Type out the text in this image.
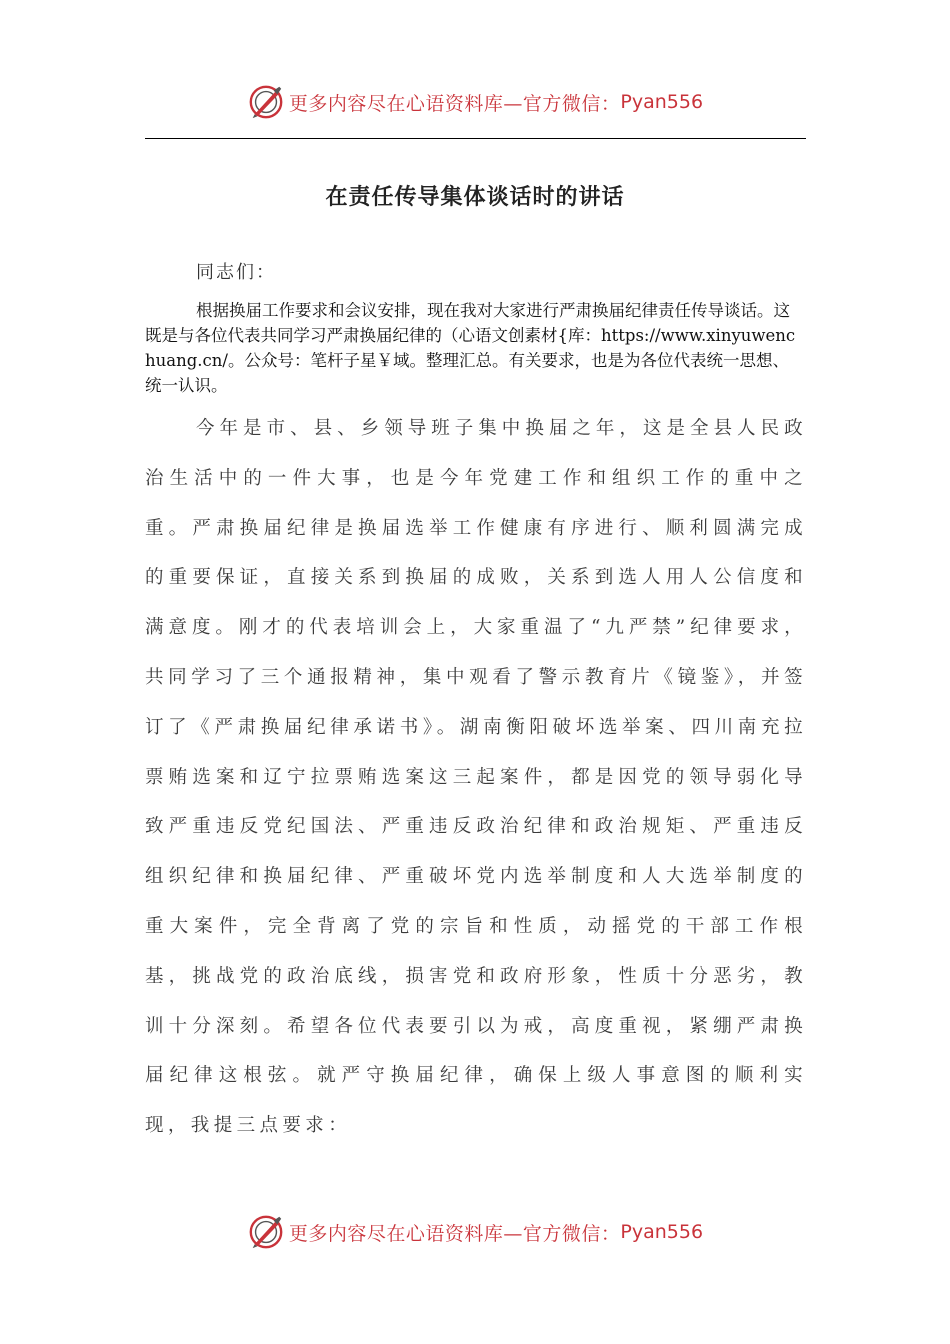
更多内容尽在心语资料库—官方微信： Pyan556
在责任传导集体谈话时的讲话
同志们：

根据换届工作要求和会议安排，现在我对大家进行严肃换届纪律责任传导谈话。这既是与各位代表共同学习严肃换届纪律的（心语文创素材{库：https://www.xinyuwenchuang.cn/。公众号：笔杆子星￥域。整理汇总。有关要求，也是为各位代表统一思想、统一认识。

今年是市、县、乡领导班子集中换届之年，这是全县人民政治生活中的一件大事，也是今年党建工作和组织工作的重中之重。严肃换届纪律是换届选举工作健康有序进行、顺利圆满完成的重要保证，直接关系到换届的成败，关系到选人用人公信度和满意度。刚才的代表培训会上，大家重温了“九严禁”纪律要求，共同学习了三个通报精神，集中观看了警示教育片《镜鉴》，并签订了《严肃换届纪律承诺书》。湖南衡阳破坏选举案、四川南充拉票贿选案和辽宁拉票贿选案这三起案件，都是因党的领导弱化导致严重违反党纪国法、严重违反政治纪律和政治规矩、严重违反组织纪律和换届纪律、严重破坏党内选举制度和人大选举制度的重大案件，完全背离了党的宗旨和性质，动摇党的干部工作根基，挑战党的政治底线，损害党和政府形象，性质十分恶劣，教训十分深刻。希望各位代表要引以为戒，高度重视，紧绷严肃换届纪律这根弦。就严守换届纪律，确保上级人事意图的顺利实现，我提三点要求：

更多内容尽在心语资料库—官方微信： Pyan556
